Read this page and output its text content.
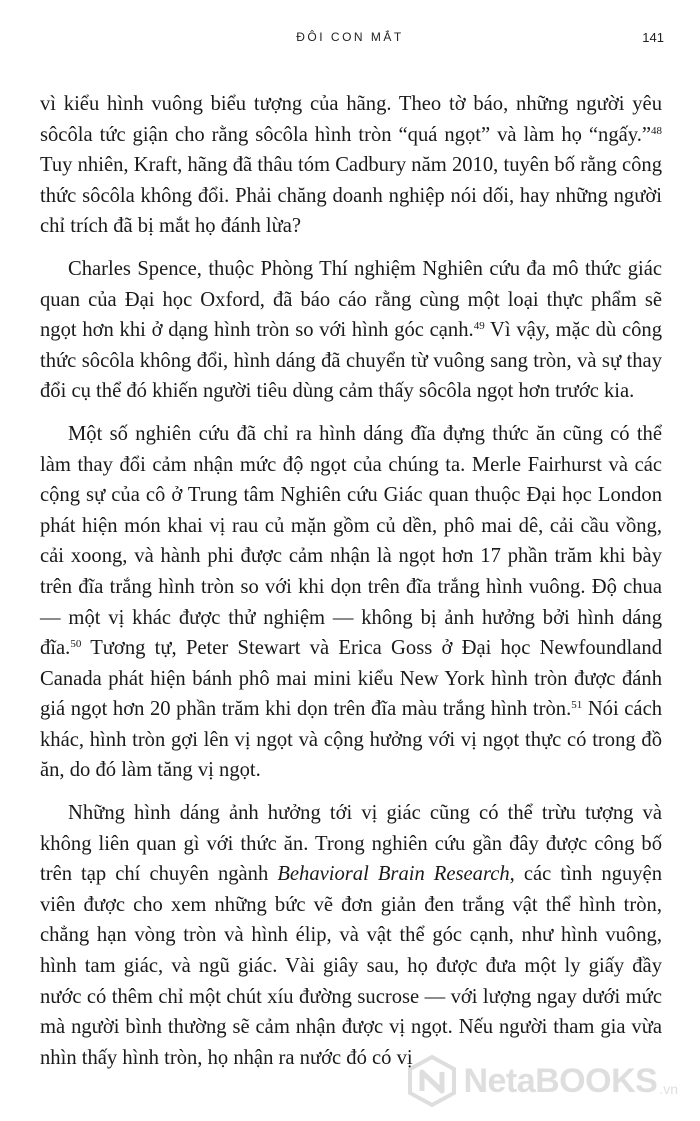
ĐÔI CON MẮT	141

vì kiểu hình vuông biểu tượng của hãng. Theo tờ báo, những người yêu sôcôla tức giận cho rằng sôcôla hình tròn “quá ngọt” và làm họ “ngấy.”$^{48}$ Tuy nhiên, Kraft, hãng đã thâu tóm Cadbury năm 2010, tuyên bố rằng công thức sôcôla không đổi. Phải chăng doanh nghiệp nói dối, hay những người chỉ trích đã bị mắt họ đánh lừa?

Charles Spence, thuộc Phòng Thí nghiệm Nghiên cứu đa mô thức giác quan của Đại học Oxford, đã báo cáo rằng cùng một loại thực phẩm sẽ ngọt hơn khi ở dạng hình tròn so với hình góc cạnh.$^{49}$ Vì vậy, mặc dù công thức sôcôla không đổi, hình dáng đã chuyển từ vuông sang tròn, và sự thay đổi cụ thể đó khiến người tiêu dùng cảm thấy sôcôla ngọt hơn trước kia.

Một số nghiên cứu đã chỉ ra hình dáng đĩa đựng thức ăn cũng có thể làm thay đổi cảm nhận mức độ ngọt của chúng ta. Merle Fairhurst và các cộng sự của cô ở Trung tâm Nghiên cứu Giác quan thuộc Đại học London phát hiện món khai vị rau củ mặn gồm củ dền, phô mai dê, cải cầu vồng, cải xoong, và hành phi được cảm nhận là ngọt hơn 17 phần trăm khi bày trên đĩa trắng hình tròn so với khi dọn trên đĩa trắng hình vuông. Độ chua — một vị khác được thử nghiệm — không bị ảnh hưởng bởi hình dáng đĩa.$^{50}$ Tương tự, Peter Stewart và Erica Goss ở Đại học Newfoundland Canada phát hiện bánh phô mai mini kiểu New York hình tròn được đánh giá ngọt hơn 20 phần trăm khi dọn trên đĩa màu trắng hình tròn.$^{51}$ Nói cách khác, hình tròn gợi lên vị ngọt và cộng hưởng với vị ngọt thực có trong đồ ăn, do đó làm tăng vị ngọt.

Những hình dáng ảnh hưởng tới vị giác cũng có thể trừu tượng và không liên quan gì với thức ăn. Trong nghiên cứu gần đây được công bố trên tạp chí chuyên ngành Behavioral Brain Research, các tình nguyện viên được cho xem những bức vẽ đơn giản đen trắng vật thể hình tròn, chẳng hạn vòng tròn và hình élip, và vật thể góc cạnh, như hình vuông, hình tam giác, và ngũ giác. Vài giây sau, họ được đưa một ly giấy đầy nước có thêm chỉ một chút xíu đường sucrose — với lượng ngay dưới mức mà người bình thường sẽ cảm nhận được vị ngọt. Nếu người tham gia vừa nhìn thấy hình tròn, họ nhận ra nước đó có vị

NetaBOOKS .vn
